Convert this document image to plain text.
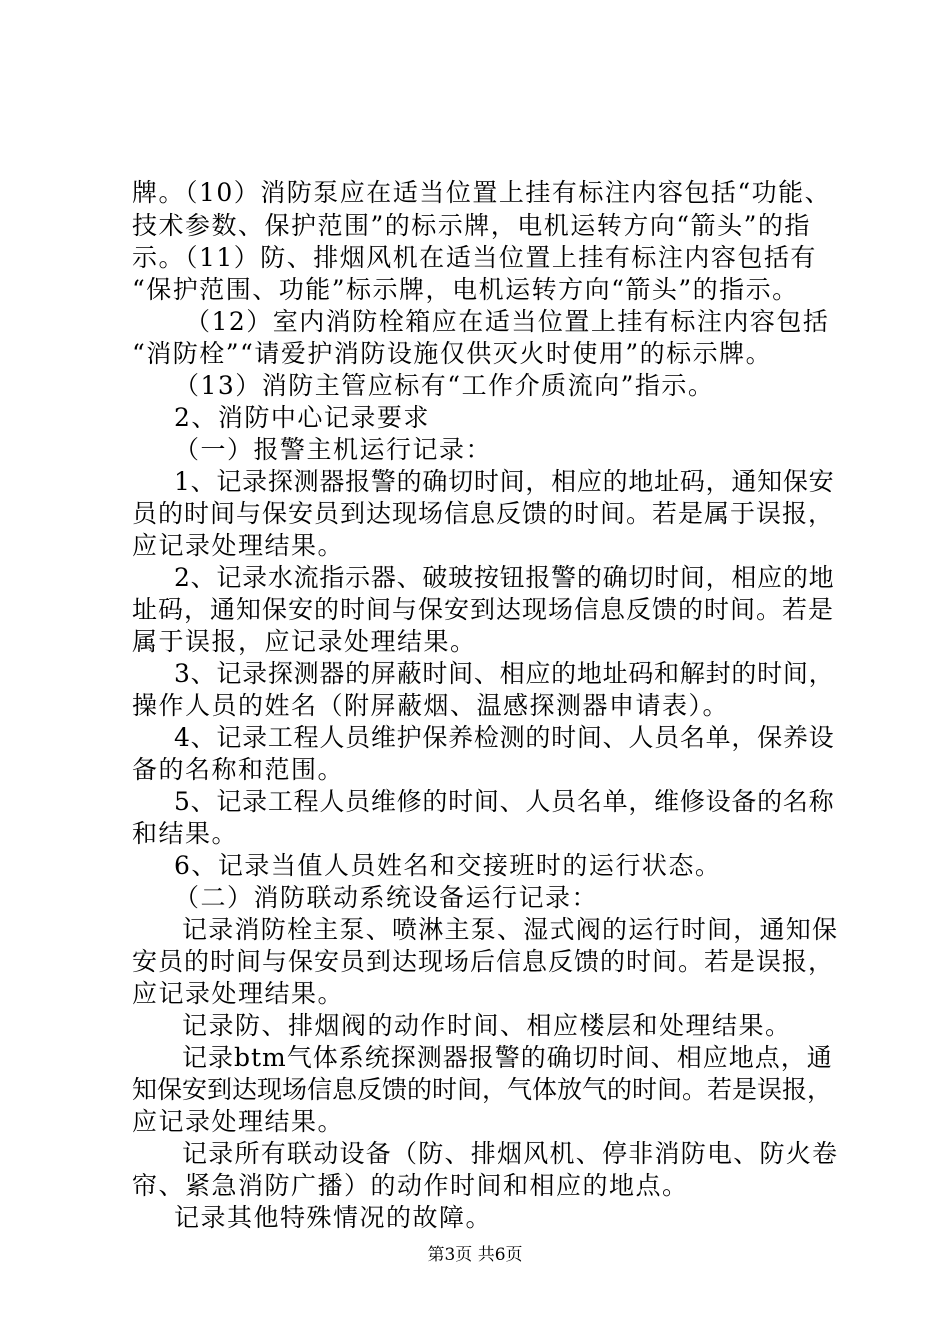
牌。（10）消防泵应在适当位置上挂有标注内容包括“功能、
技术参数、保护范围”的标示牌，电机运转方向“箭头”的指
示。（11）防、排烟风机在适当位置上挂有标注内容包括有
“保护范围、功能”标示牌，电机运转方向“箭头”的指示。
（12）室内消防栓箱应在适当位置上挂有标注内容包括
“消防栓”“请爱护消防设施仅供灭火时使用”的标示牌。
（13）消防主管应标有“工作介质流向”指示。
2、消防中心记录要求
（一）报警主机运行记录：
1、记录探测器报警的确切时间，相应的地址码，通知保安
员的时间与保安员到达现场信息反馈的时间。若是属于误报，
应记录处理结果。
2、记录水流指示器、破玻按钮报警的确切时间，相应的地
址码，通知保安的时间与保安到达现场信息反馈的时间。若是
属于误报，应记录处理结果。
3、记录探测器的屏蔽时间、相应的地址码和解封的时间，
操作人员的姓名（附屏蔽烟、温感探测器申请表）。
4、记录工程人员维护保养检测的时间、人员名单，保养设
备的名称和范围。
5、记录工程人员维修的时间、人员名单，维修设备的名称
和结果。
6、记录当值人员姓名和交接班时的运行状态。
（二）消防联动系统设备运行记录：
记录消防栓主泵、喷淋主泵、湿式阀的运行时间，通知保
安员的时间与保安员到达现场后信息反馈的时间。若是误报，
应记录处理结果。
记录防、排烟阀的动作时间、相应楼层和处理结果。
记录btm气体系统探测器报警的确切时间、相应地点，通
知保安到达现场信息反馈的时间，气体放气的时间。若是误报，
应记录处理结果。
记录所有联动设备（防、排烟风机、停非消防电、防火卷
帘、紧急消防广播）的动作时间和相应的地点。
记录其他特殊情况的故障。
第3页 共6页
